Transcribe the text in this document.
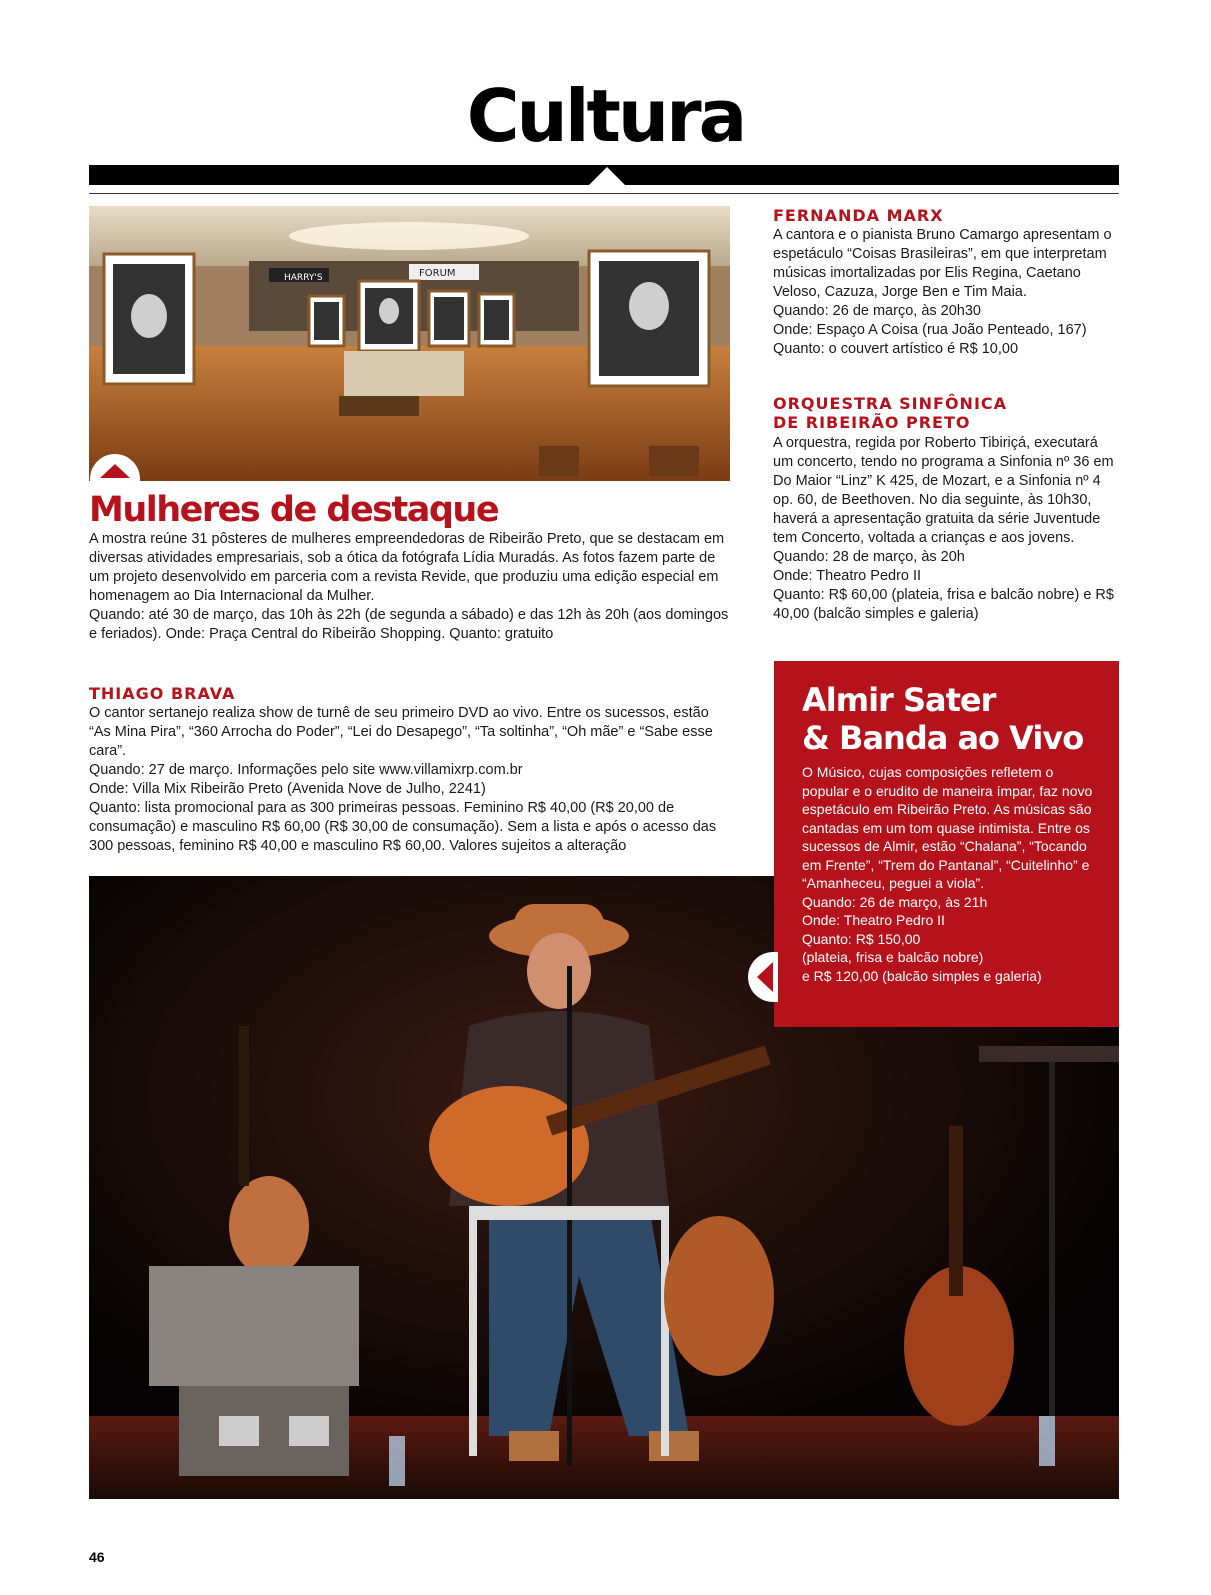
Cultura
HARRY'S	FORUM
Mulheres de destaque

A mostra reúne 31 pôsteres de mulheres empreendedoras de Ribeirão Preto, que se destacam em diversas atividades empresariais, sob a ótica da fotógrafa Lídia Muradás. As fotos fazem parte de um projeto desenvolvido em parceria com a revista Revide, que produziu uma edição especial em homenagem ao Dia Internacional da Mulher.

Quando: até 30 de março, das 10h às 22h (de segunda a sábado) e das 12h às 20h (aos domingos e feriados). Onde: Praça Central do Ribeirão Shopping. Quanto: gratuito

THIAGO BRAVA

O cantor sertanejo realiza show de turnê de seu primeiro DVD ao vivo. Entre os sucessos, estão “As Mina Pira”, “360 Arrocha do Poder”, “Lei do Desapego”, “Ta soltinha”, “Oh mãe” e “Sabe esse cara”.

Quando: 27 de março. Informações pelo site www.villamixrp.com.br

Onde: Villa Mix Ribeirão Preto (Avenida Nove de Julho, 2241)

Quanto: lista promocional para as 300 primeiras pessoas. Feminino R$ 40,00 (R$ 20,00 de consumação) e masculino R$ 60,00 (R$ 30,00 de consumação). Sem a lista e após o acesso das 300 pessoas, feminino R$ 40,00 e masculino R$ 60,00. Valores sujeitos a alteração

FERNANDA MARX

A cantora e o pianista Bruno Camargo apresentam o espetáculo “Coisas Brasileiras”, em que interpretam músicas imortalizadas por Elis Regina, Caetano Veloso, Cazuza, Jorge Ben e Tim Maia.

Quando: 26 de março, às 20h30

Onde: Espaço A Coisa (rua João Penteado, 167)

Quanto: o couvert artístico é R$ 10,00

ORQUESTRA SINFÔNICA
DE RIBEIRÃO PRETO

A orquestra, regida por Roberto Tibiriçá, executará um concerto, tendo no programa a Sinfonia nº 36 em Do Maior “Linz” K 425, de Mozart, e a Sinfonia nº 4 op. 60, de Beethoven. No dia seguinte, às 10h30, haverá a apresentação gratuita da série Juventude tem Concerto, voltada a crianças e aos jovens.

Quando: 28 de março, às 20h

Onde: Theatro Pedro II

Quanto: R$ 60,00 (plateia, frisa e balcão nobre) e R$ 40,00 (balcão simples e galeria)

Almir Sater
& Banda ao Vivo

O Músico, cujas composições refletem o popular e o erudito de maneira ímpar, faz novo espetáculo em Ribeirão Preto. As músicas são cantadas em um tom quase intimista. Entre os sucessos de Almir, estão “Chalana”, “Tocando em Frente”, “Trem do Pantanal”, “Cuitelinho” e “Amanheceu, peguei a viola”.

Quando: 26 de março, às 21h

Onde: Theatro Pedro II

Quanto: R$ 150,00

(plateia, frisa e balcão nobre)

e R$ 120,00 (balcão simples e galeria)

46
